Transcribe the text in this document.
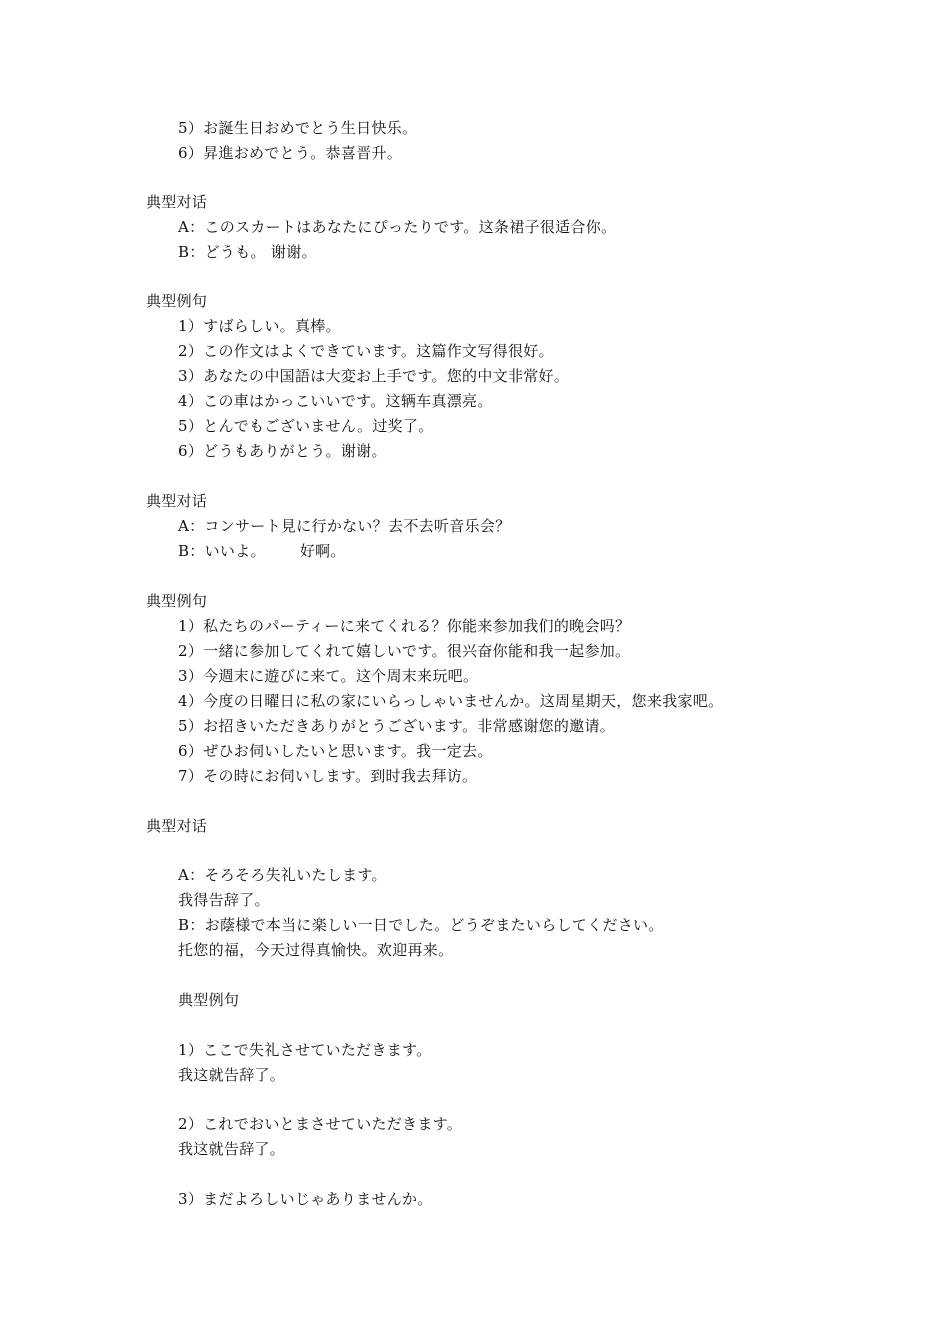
5）お誕生日おめでとう生日快乐。
6）昇進おめでとう。恭喜晋升。
典型对话
A：このスカートはあなたにぴったりです。这条裙子很适合你。
B：どうも。 谢谢。
典型例句
1）すばらしい。真棒。
2）この作文はよくできています。这篇作文写得很好。
3）あなたの中国語は大変お上手です。您的中文非常好。
4）この車はかっこいいです。这辆车真漂亮。
5）とんでもございません。过奖了。
6）どうもありがとう。谢谢。
典型对话
A：コンサート見に行かない？去不去听音乐会？
B：いいよ。 好啊。
典型例句
1）私たちのパーティーに来てくれる？你能来参加我们的晚会吗？
2）一緒に参加してくれて嬉しいです。很兴奋你能和我一起参加。
3）今週末に遊びに来て。这个周末来玩吧。
4）今度の日曜日に私の家にいらっしゃいませんか。这周星期天，您来我家吧。
5）お招きいただきありがとうございます。非常感谢您的邀请。
6）ぜひお伺いしたいと思います。我一定去。
7）その時にお伺いします。到时我去拜访。
典型对话
A：そろそろ失礼いたします。
我得告辞了。
B：お蔭様で本当に楽しい一日でした。どうぞまたいらしてください。
托您的福，今天过得真愉快。欢迎再来。
典型例句
1）ここで失礼させていただきます。
我这就告辞了。
2）これでおいとまさせていただきます。
我这就告辞了。
3）まだよろしいじゃありませんか。
